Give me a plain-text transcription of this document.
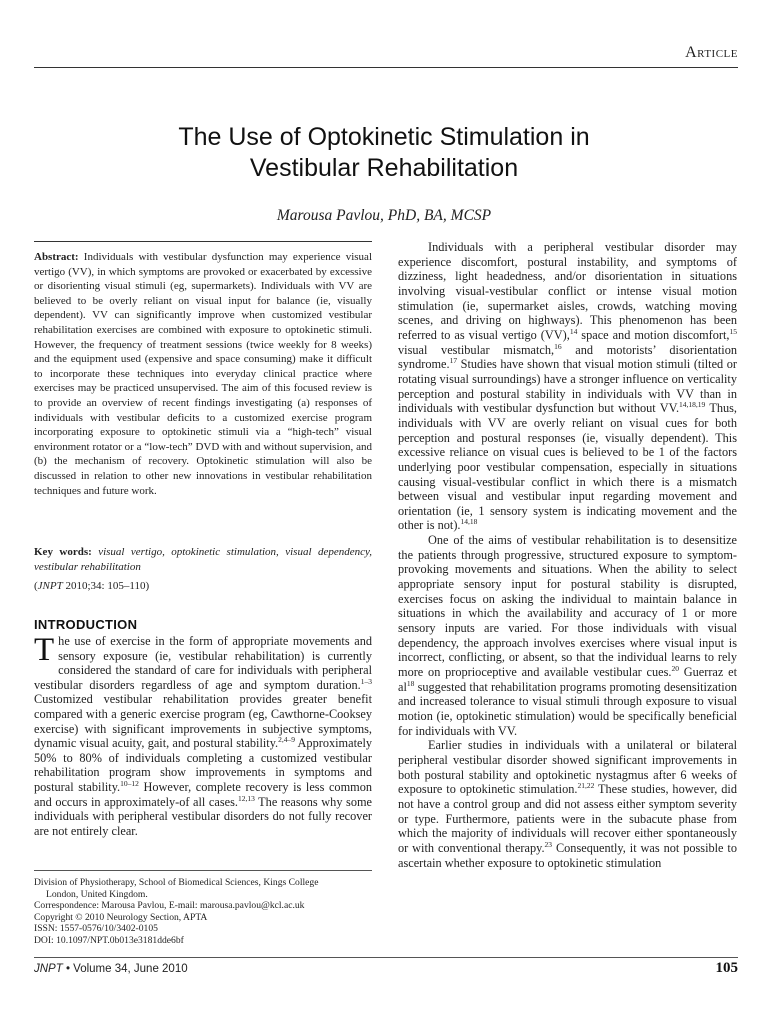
Article
The Use of Optokinetic Stimulation in
Vestibular Rehabilitation
Marousa Pavlou, PhD, BA, MCSP
Abstract: Individuals with vestibular dysfunction may experience visual vertigo (VV), in which symptoms are provoked or exacerbated by excessive or disorienting visual stimuli (eg, supermarkets). Individuals with VV are believed to be overly reliant on visual input for balance (ie, visually dependent). VV can significantly improve when customized vestibular rehabilitation exercises are combined with exposure to optokinetic stimuli. However, the frequency of treatment sessions (twice weekly for 8 weeks) and the equipment used (expensive and space consuming) make it difficult to incorporate these techniques into everyday clinical practice where exercises may be practiced unsupervised. The aim of this focused review is to provide an overview of recent findings investigating (a) responses of individuals with vestibular deficits to a customized exercise program incorporating exposure to optokinetic stimuli via a “high-tech” visual environment rotator or a “low-tech” DVD with and without supervision, and (b) the mechanism of recovery. Optokinetic stimulation will also be discussed in relation to other new innovations in vestibular rehabilitation techniques and future work.
Key words: visual vertigo, optokinetic stimulation, visual dependency, vestibular rehabilitation
(JNPT 2010;34: 105–110)
INTRODUCTION
T he use of exercise in the form of appropriate movements and sensory exposure (ie, vestibular rehabilitation) is currently considered the standard of care for individuals with peripheral vestibular disorders regardless of age and symptom duration.$^{1-3}$ Customized vestibular rehabilitation provides greater benefit compared with a generic exercise program (eg, Cawthorne-Cooksey exercise) with significant improvements in subjective symptoms, dynamic visual acuity, gait, and postural stability.$^{2,4-9}$ Approximately 50% to 80% of individuals completing a customized vestibular rehabilitation program show improvements in symptoms and postural stability.$^{10-12}$ However, complete recovery is less common and occurs in approximately-of all cases.$^{12,13}$ The reasons why some individuals with peripheral vestibular disorders do not fully recover are not entirely clear.
Division of Physiotherapy, School of Biomedical Sciences, Kings College
London, United Kingdom.
Correspondence: Marousa Pavlou, E-mail: marousa.pavlou@kcl.ac.uk
Copyright © 2010 Neurology Section, APTA
ISSN: 1557-0576/10/3402-0105
DOI: 10.1097/NPT.0b013e3181dde6bf

Individuals with a peripheral vestibular disorder may experience discomfort, postural instability, and symptoms of dizziness, light headedness, and/or disorientation in situations involving visual-vestibular conflict or intense visual motion stimulation (ie, supermarket aisles, crowds, watching moving scenes, and driving on highways). This phenomenon has been referred to as visual vertigo (VV),$^{14}$ space and motion discomfort,$^{15}$ visual vestibular mismatch,$^{16}$ and motorists’ disorientation syndrome.$^{17}$ Studies have shown that visual motion stimuli (tilted or rotating visual surroundings) have a stronger influence on verticality perception and postural stability in individuals with VV than in individuals with vestibular dysfunction but without VV.$^{14,18,19}$ Thus, individuals with VV are overly reliant on visual cues for both perception and postural responses (ie, visually dependent). This excessive reliance on visual cues is believed to be 1 of the factors underlying poor vestibular compensation, especially in situations causing visual-vestibular conflict in which there is a mismatch between visual and vestibular input regarding movement and orientation (ie, 1 sensory system is indicating movement and the other is not).$^{14,18}$

One of the aims of vestibular rehabilitation is to desensitize the patients through progressive, structured exposure to symptom-provoking movements and situations. When the ability to select appropriate sensory input for postural stability is disrupted, exercises focus on asking the individual to maintain balance in situations in which the availability and accuracy of 1 or more sensory inputs are varied. For those individuals with visual dependency, the approach involves exercises where visual input is incorrect, conflicting, or absent, so that the individual learns to rely more on proprioceptive and available vestibular cues.$^{20}$ Guerraz et $al^{18}$ suggested that rehabilitation programs promoting desensitization and increased tolerance to visual stimuli through exposure to visual motion (ie, optokinetic stimulation) would be specifically beneficial for individuals with VV.

Earlier studies in individuals with a unilateral or bilateral peripheral vestibular disorder showed significant improvements in both postural stability and optokinetic nystagmus after 6 weeks of exposure to optokinetic stimulation.$^{21,22}$ These studies, however, did not have a control group and did not assess either symptom severity or type. Furthermore, patients were in the subacute phase from which the majority of individuals will recover either spontaneously or with conventional therapy.$^{23}$ Consequently, it was not possible to ascertain whether exposure to optokinetic stimulation

JNPT • Volume 34, June 2010	105
